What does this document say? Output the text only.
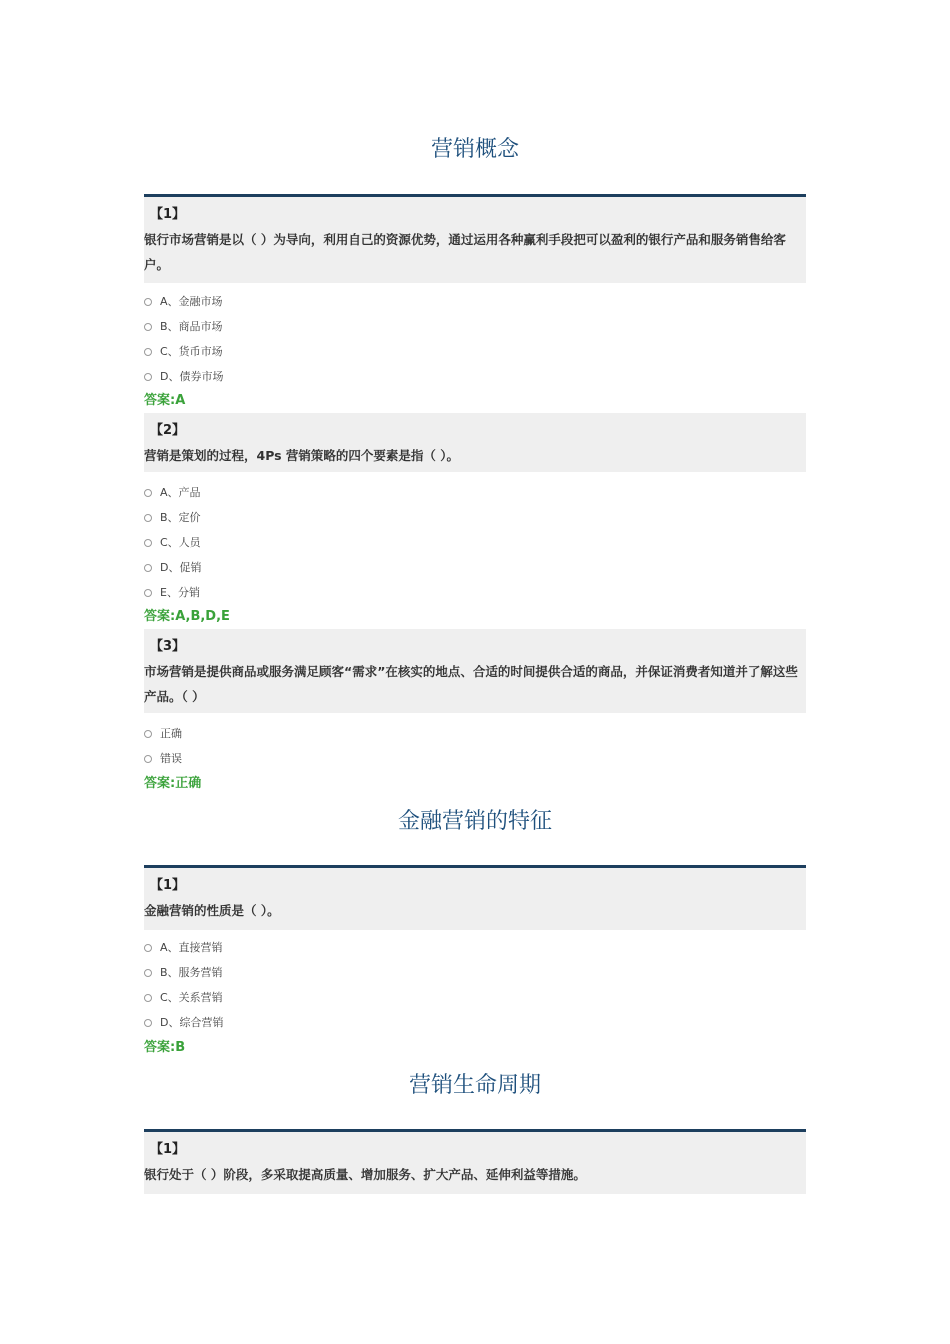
营销概念
【1】
银行市场营销是以（ ）为导向，利用自己的资源优势，通过运用各种赢利手段把可以盈利的银行产品和服务销售给客户。
A、金融市场
B、商品市场
C、货币市场
D、债券市场
答案:A
【2】
营销是策划的过程，4Ps 营销策略的四个要素是指（ ）。
A、产品
B、定价
C、人员
D、促销
E、分销
答案:A,B,D,E
【3】
市场营销是提供商品或服务满足顾客“需求”在核实的地点、合适的时间提供合适的商品，并保证消费者知道并了解这些产品。（ ）
正确
错误
答案:正确
金融营销的特征
【1】
金融营销的性质是（ ）。
A、直接营销
B、服务营销
C、关系营销
D、综合营销
答案:B
营销生命周期
【1】
银行处于（ ）阶段，多采取提高质量、增加服务、扩大产品、延伸利益等措施。
